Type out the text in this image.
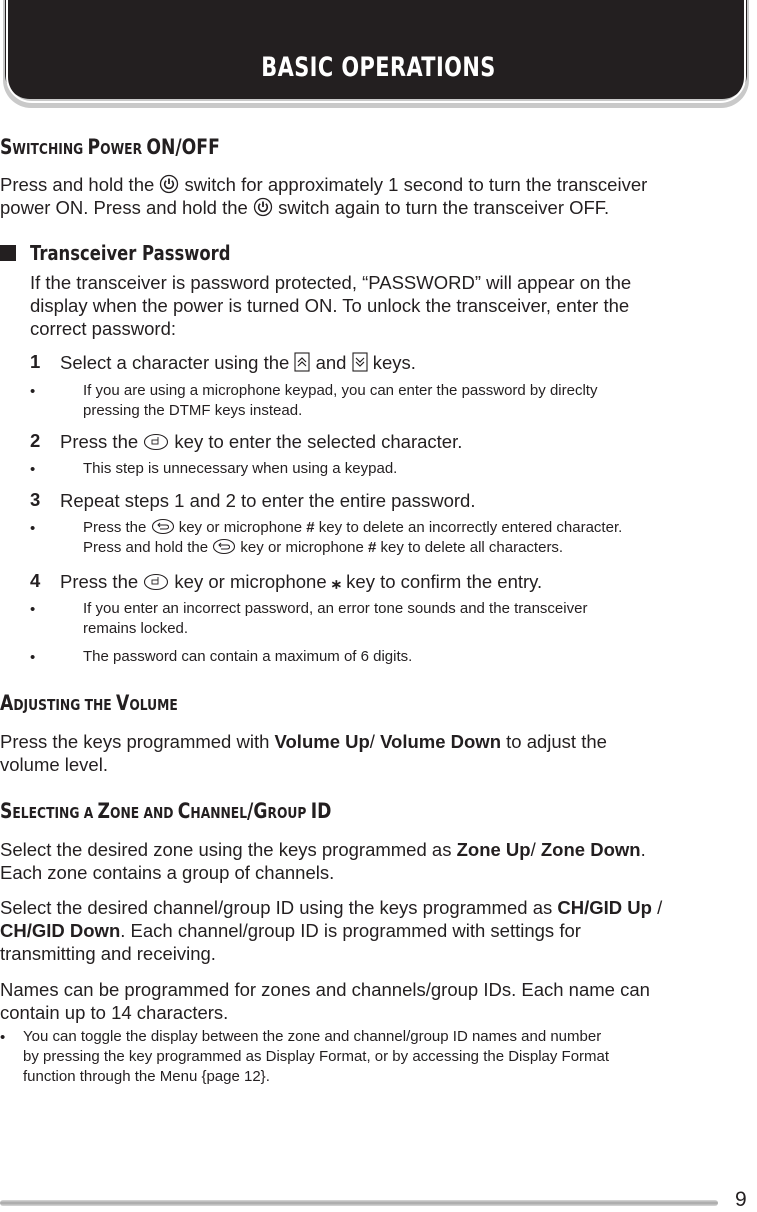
BASIC OPERATIONS
SWITCHING POWER ON/OFF
Press and hold the  switch for approximately 1 second to turn the transceiver
power ON. Press and hold the  switch again to turn the transceiver OFF.
Transceiver Password
If the transceiver is password protected, “PASSWORD” will appear on the
display when the power is turned ON. To unlock the transceiver, enter the
correct password:
1 Select a character using the  and  keys.
•	If you are using a microphone keypad, you can enter the password by direclty
pressing the DTMF keys instead.
2 Press the  key to enter the selected character.
•	This step is unnecessary when using a keypad.
3 Repeat steps 1 and 2 to enter the entire password.
•	Press the  key or microphone # key to delete an incorrectly entered character.
Press and hold the  key or microphone # key to delete all characters.
4 Press the  key or microphone ⁎ key to confirm the entry.
•	If you enter an incorrect password, an error tone sounds and the transceiver
remains locked.
•	The password can contain a maximum of 6 digits.
ADJUSTING THE VOLUME
Press the keys programmed with Volume Up/ Volume Down to adjust the
volume level.
SELECTING A ZONE AND CHANNEL/GROUP ID
Select the desired zone using the keys programmed as Zone Up/ Zone Down.
Each zone contains a group of channels.
Select the desired channel/group ID using the keys programmed as CH/GID Up /
CH/GID Down. Each channel/group ID is programmed with settings for
transmitting and receiving.
Names can be programmed for zones and channels/group IDs. Each name can
contain up to 14 characters.
• You can toggle the display between the zone and channel/group ID names and number
by pressing the key programmed as Display Format, or by accessing the Display Format
function through the Menu {page 12}.
9
